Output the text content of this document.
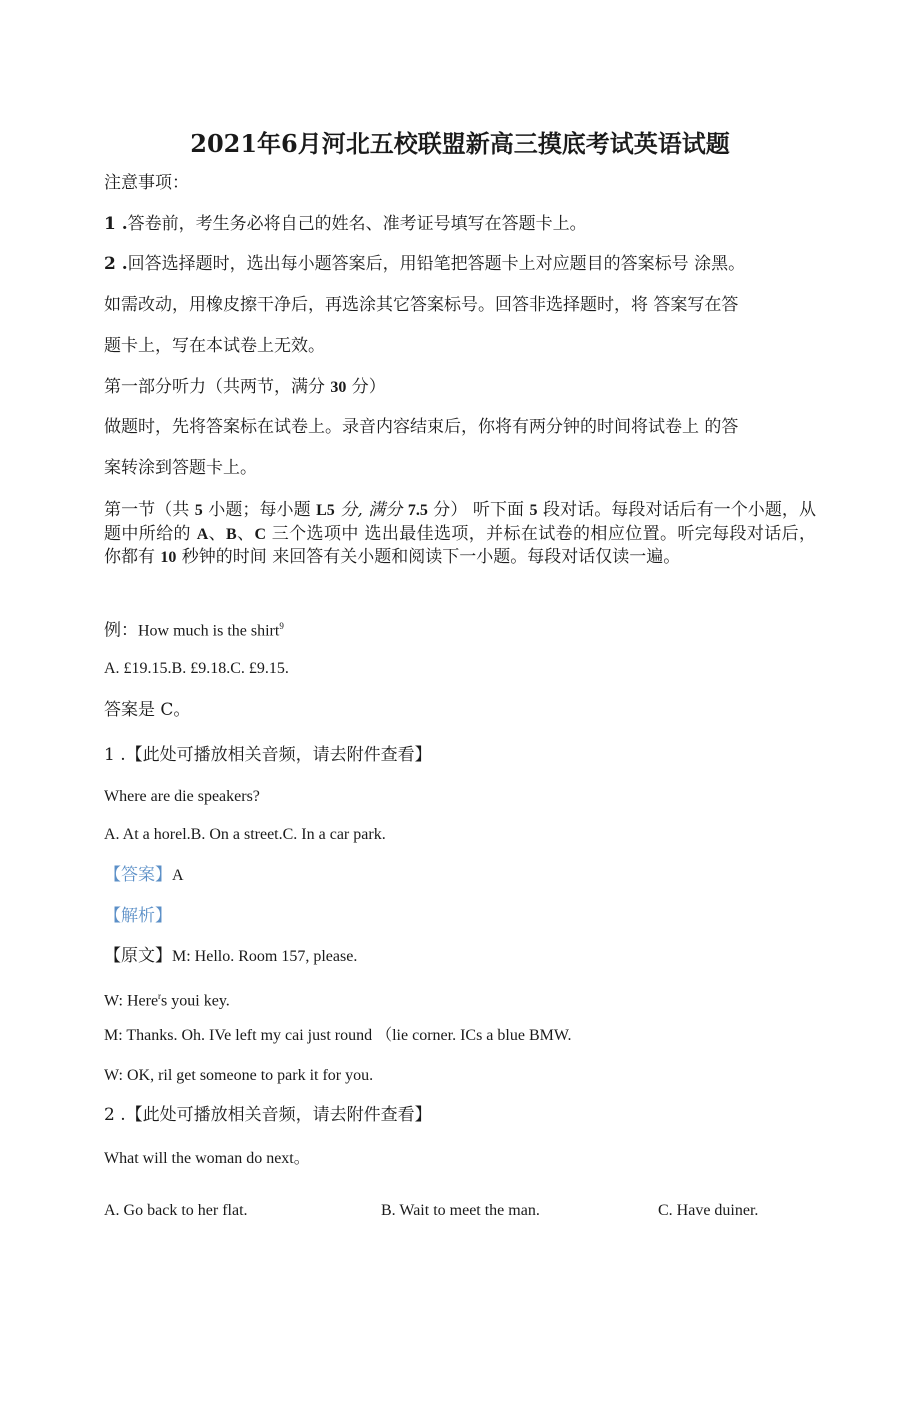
2021年6月河北五校联盟新高三摸底考试英语试题
注意事项：
1 .答卷前，考生务必将自己的姓名、准考证号填写在答题卡上。
2 .回答选择题时，选出每小题答案后，用铅笔把答题卡上对应题目的答案标号 涂黑。
如需改动，用橡皮擦干净后，再选涂其它答案标号。回答非选择题时，将 答案写在答
题卡上，写在本试卷上无效。
第一部分听力（共两节，满分 30 分）
做题时，先将答案标在试卷上。录音内容结束后，你将有两分钟的时间将试卷上 的答
案转涂到答题卡上。
第一节（共 5 小题；每小题 L5 分, 满分 7.5 分） 听下面 5 段对话。每段对话后有一个小题，从题中所给的 A、B、C 三个选项中 选出最佳选项，并标在试卷的相应位置。听完每段对话后，你都有 10 秒钟的时间 来回答有关小题和阅读下一小题。每段对话仅读一遍。
例：How much is the shirt$^9$
A. £19.15.B. £9.18.C. £9.15.
答案是 C。
1 .【此处可播放相关音频，请去附件查看】
Where are die speakers?
A. At a horel.B. On a street.C. In a car park.
【答案】A
【解析】
【原文】M: Hello. Room 157, please.
W: Here$^r$s youi key.
M: Thanks. Oh. IVe left my cai just round （lie corner. ICs a blue BMW.
W: OK, ril get someone to park it for you.
2 .【此处可播放相关音频，请去附件查看】
What will the woman do next。
A. Go back to her flat.	B. Wait to meet the man.	C. Have duiner.
